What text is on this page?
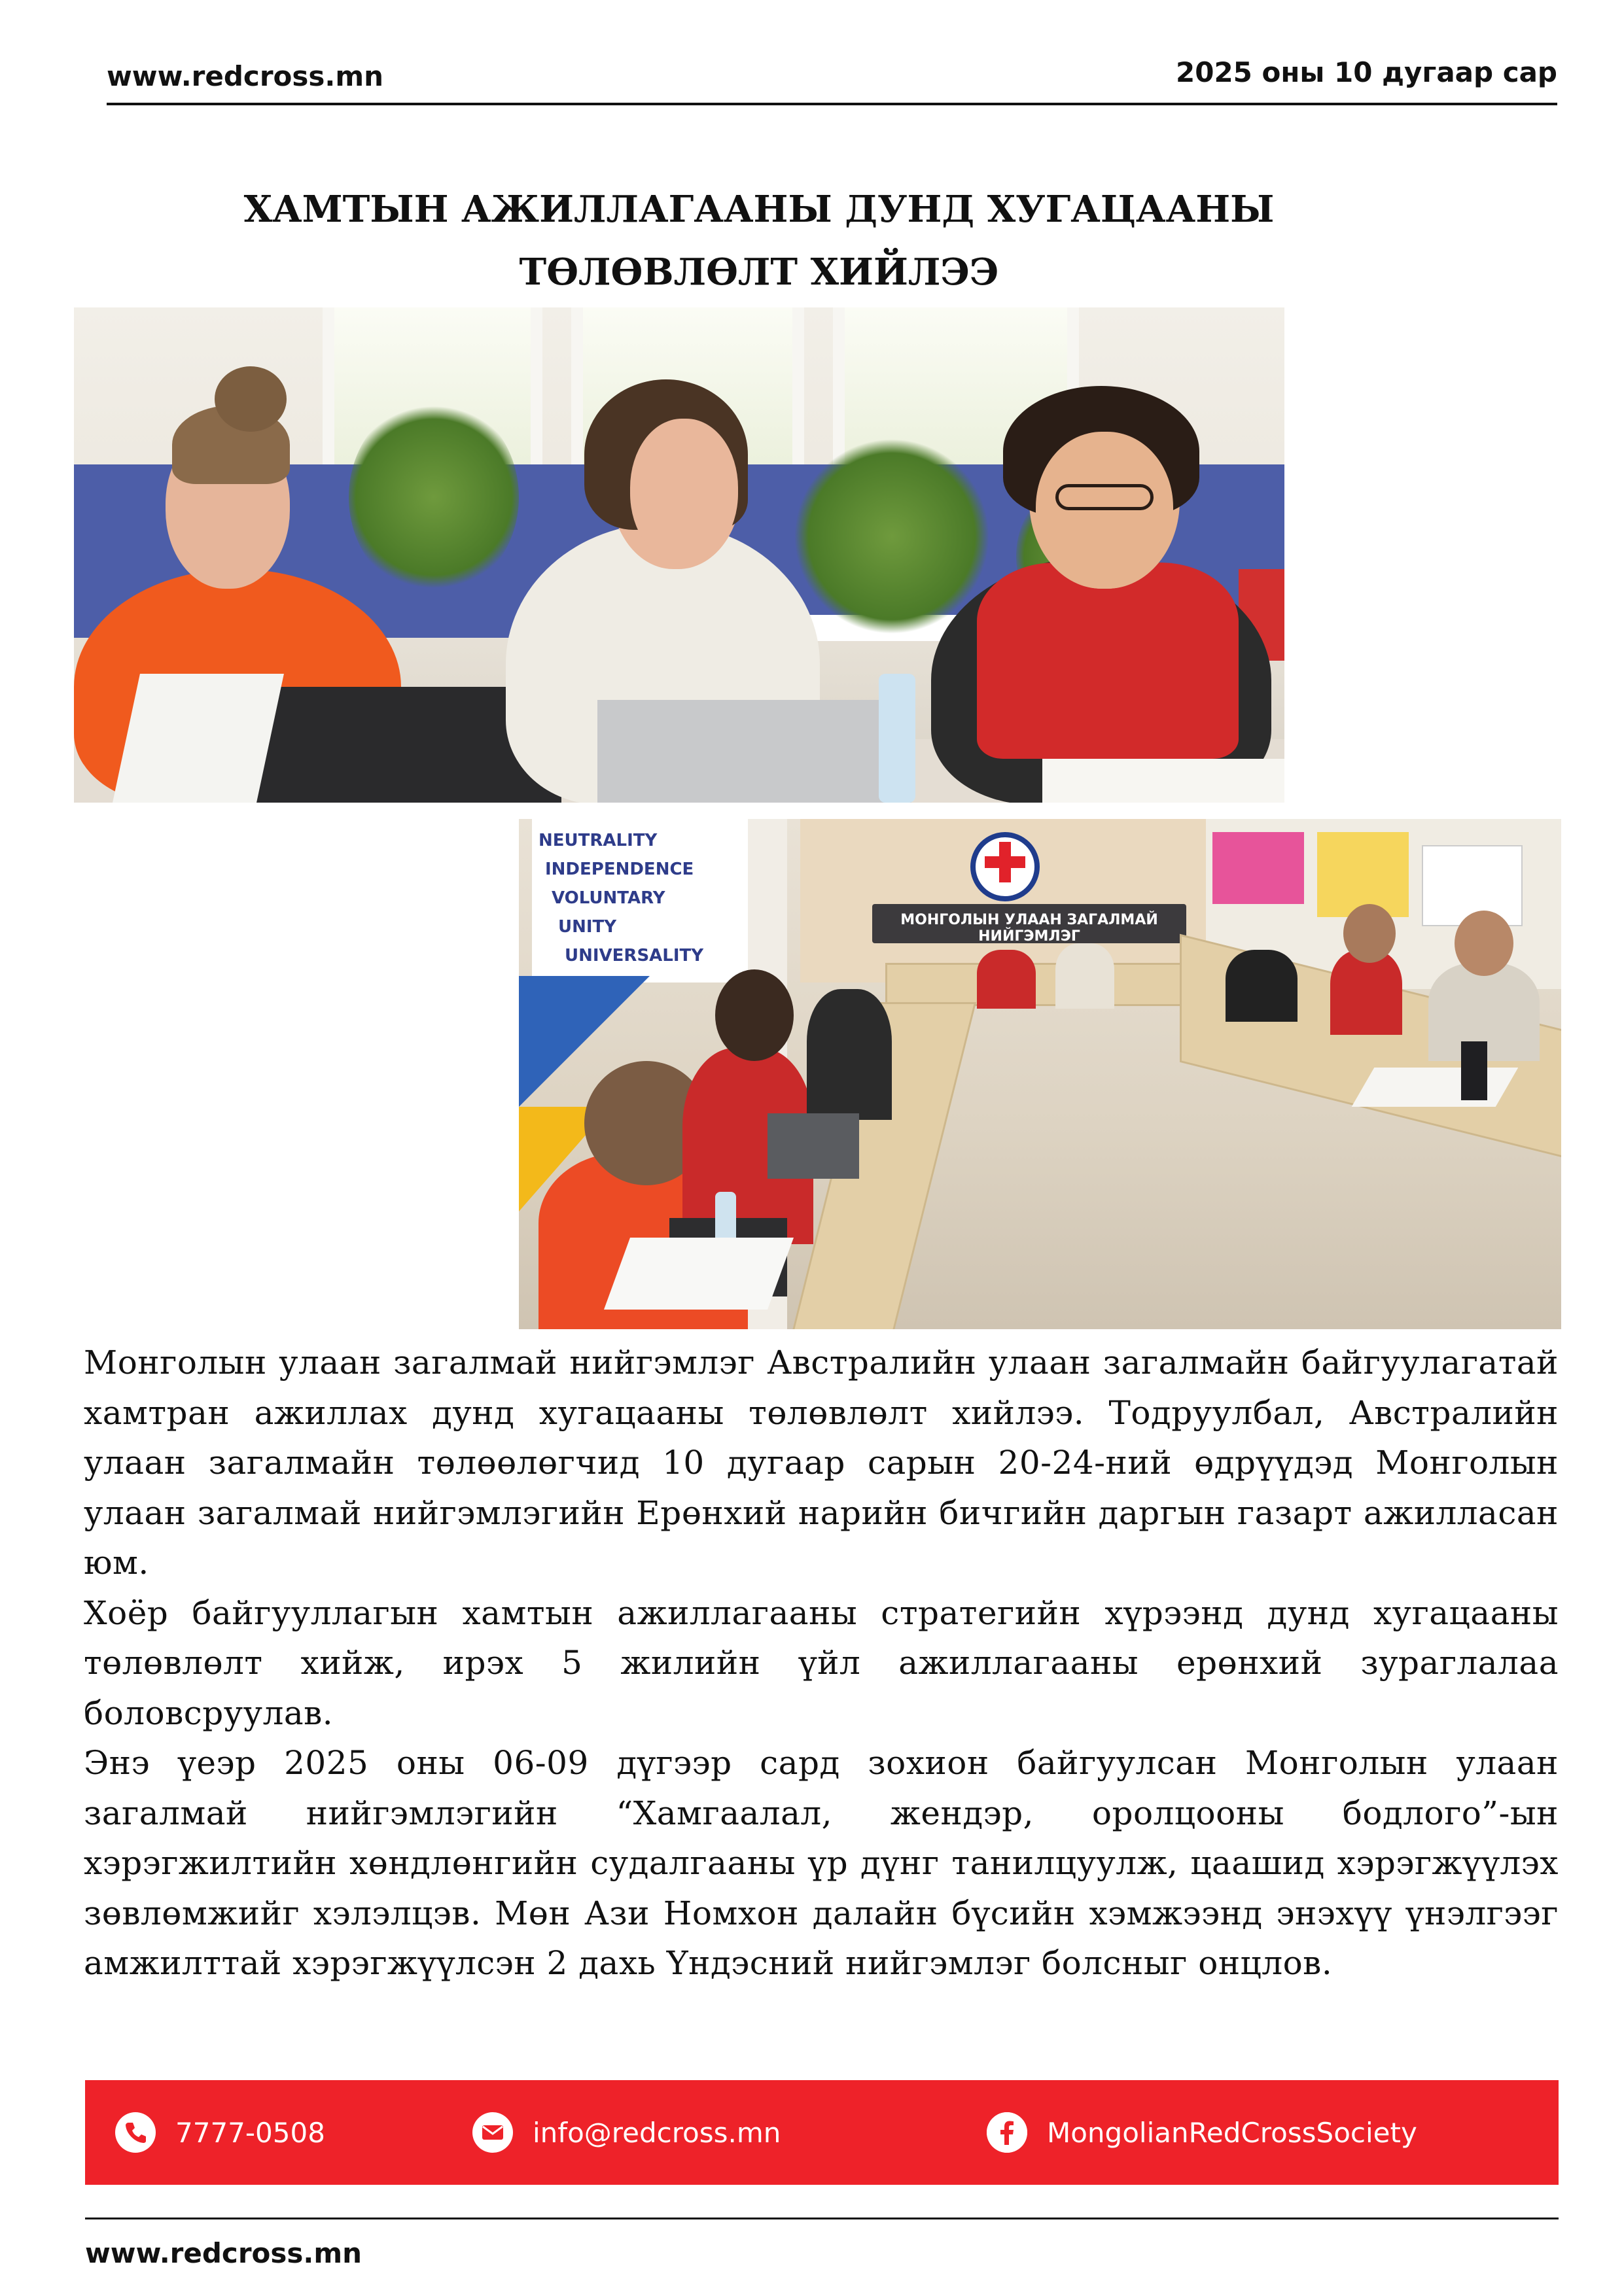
www.redcross.mn	2025 оны 10 дугаар сар
ХАМТЫН АЖИЛЛАГААНЫ ДУНД ХУГАЦААНЫ
ТӨЛӨВЛӨЛТ ХИЙЛЭЭ
NEUTRALITY
INDEPENDENCE
VOLUNTARY
UNITY
UNIVERSALITY
МОНГОЛЫН УЛААН ЗАГАЛМАЙ НИЙГЭМЛЭГ

Монголын улаан загалмай нийгэмлэг Австралийн улаан загалмайн байгуулагатай хамтран ажиллах дунд хугацааны төлөвлөлт хийлээ. Тодруулбал, Австралийн улаан загалмайн төлөөлөгчид 10 дугаар сарын 20-24-ний өдрүүдэд Монголын улаан загалмай нийгэмлэгийн Ерөнхий нарийн бичгийн даргын газарт ажилласан юм.

Хоёр байгууллагын хамтын ажиллагааны стратегийн хүрээнд дунд хугацааны төлөвлөлт хийж, ирэх 5 жилийн үйл ажиллагааны ерөнхий зураглалаа боловсруулав.

Энэ үеэр 2025 оны 06-09 дүгээр сард зохион байгуулсан Монголын улаан загалмай нийгэмлэгийн “Хамгаалал, жендэр, оролцооны бодлого”-ын хэрэгжилтийн хөндлөнгийн судалгааны үр дүнг танилцуулж, цаашид хэрэгжүүлэх зөвлөмжийг хэлэлцэв. Мөн Ази Номхон далайн бүсийн хэмжээнд энэхүү үнэлгээг амжилттай хэрэгжүүлсэн 2 дахь Үндэсний нийгэмлэг болсныг онцлов.

7777-0508	info@redcross.mn	MongolianRedCrossSociety
www.redcross.mn
